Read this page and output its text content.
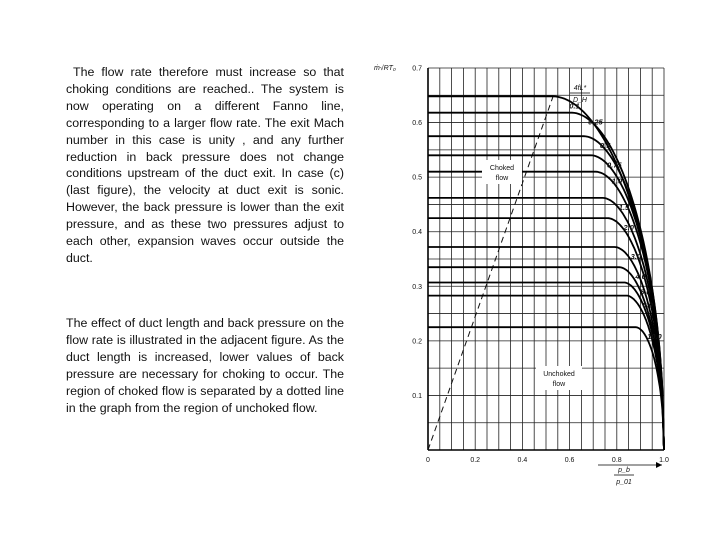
The flow rate therefore must increase so that choking conditions are reached.. The system is now operating on a different Fanno line, corresponding to a larger flow rate. The exit Mach number in this case is unity , and any further reduction in back pressure does not change conditions upstream of the duct exit. In case (c) (last figure), the velocity at duct exit is sonic. However, the back pressure is lower than the exit pressure, and as these two pressures adjust to each other, expansion waves occur outside the duct.

The effect of duct length and back pressure on the flow rate is illustrated in the adjacent figure. As the duct length is increased, lower values of back pressure are necessary for choking to occur. The region of choked flow is separated by a dotted line in the graph from the region of unchoked flow.

0	0.2	0.4	0.6	0.8	1.0
0.1
0.2
0.3
0.4
0.5
0.6
0.7
ṁ√RT₀
p_b
p_01
4fL*
D_H
0.1
0.25
0.5
0.75
1.0
1.5
2.0
3.0
4.0
5.0
6.0
10.0
Choked
flow
Unchoked
flow
